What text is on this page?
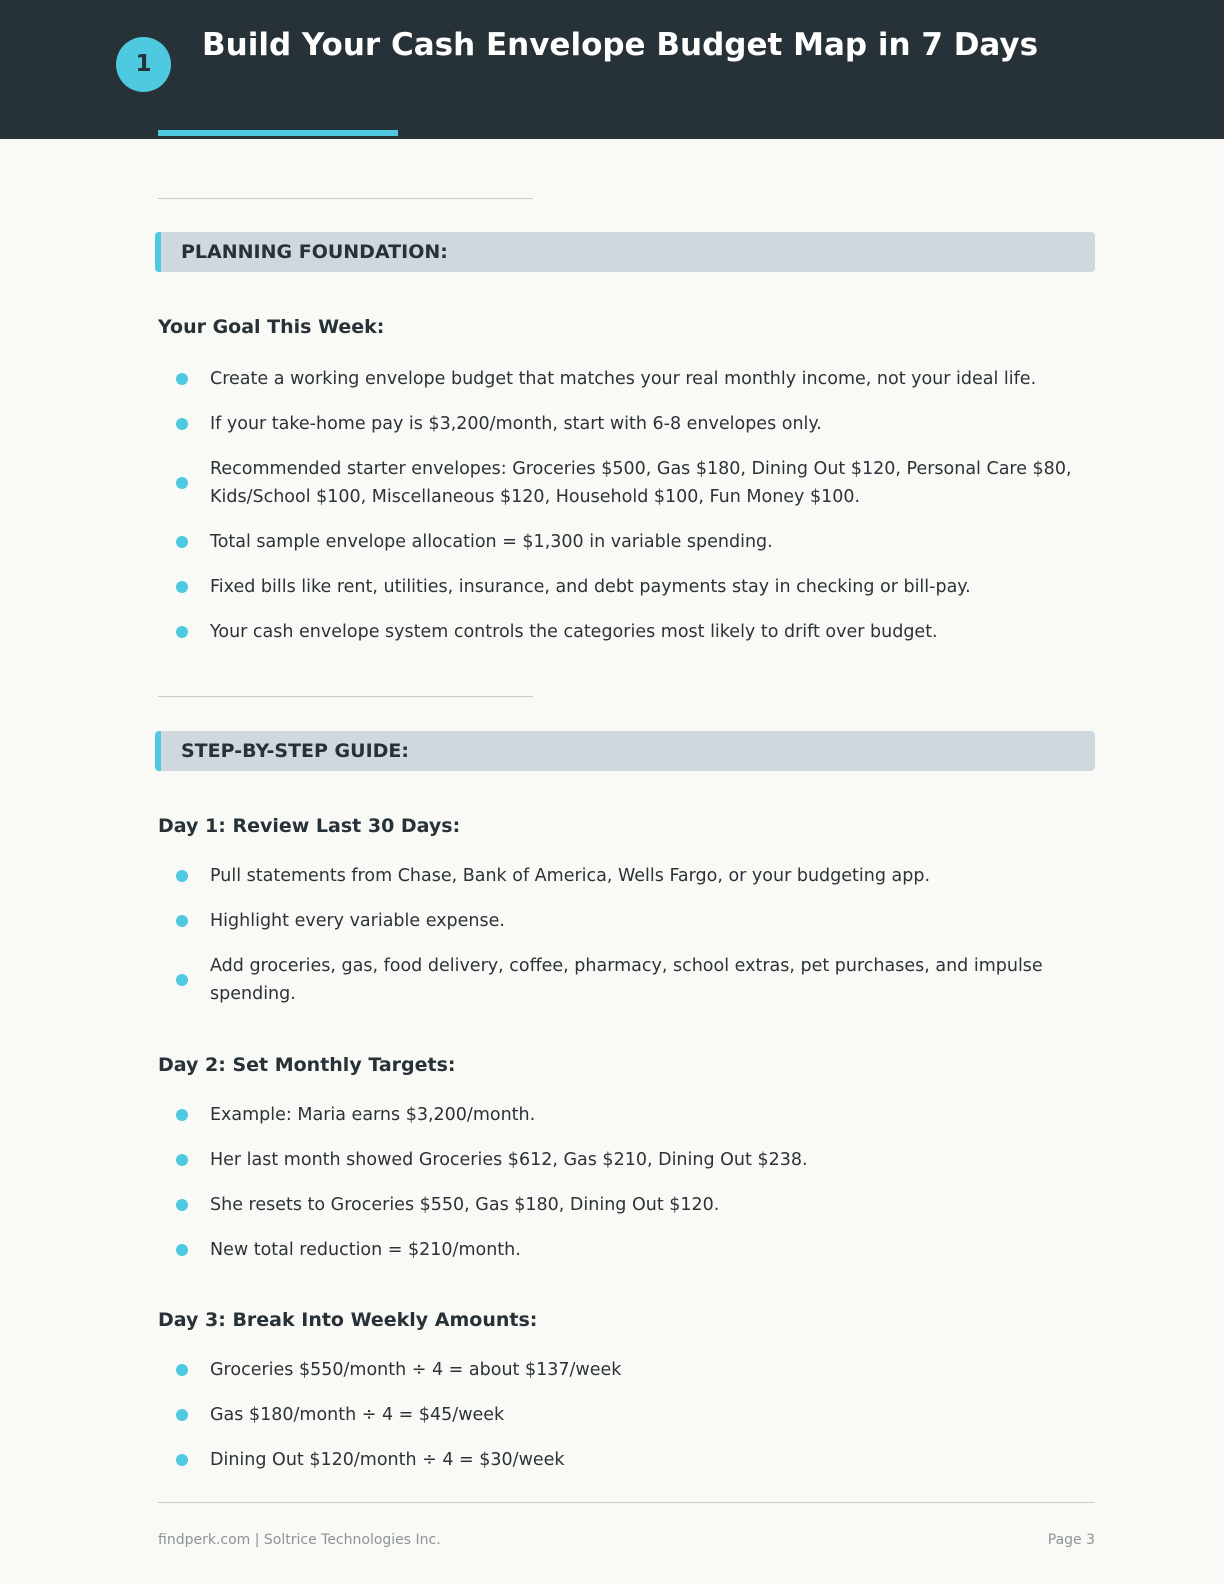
1
Build Your Cash Envelope Budget Map in 7 Days
PLANNING FOUNDATION:
Your Goal This Week:
Create a working envelope budget that matches your real monthly income, not your ideal life.
If your take-home pay is $3,200/month, start with 6-8 envelopes only.
Recommended starter envelopes: Groceries $500, Gas $180, Dining Out $120, Personal Care $80, Kids/School $100, Miscellaneous $120, Household $100, Fun Money $100.
Total sample envelope allocation = $1,300 in variable spending.
Fixed bills like rent, utilities, insurance, and debt payments stay in checking or bill-pay.
Your cash envelope system controls the categories most likely to drift over budget.
STEP-BY-STEP GUIDE:
Day 1: Review Last 30 Days:
Pull statements from Chase, Bank of America, Wells Fargo, or your budgeting app.
Highlight every variable expense.
Add groceries, gas, food delivery, coffee, pharmacy, school extras, pet purchases, and impulse spending.
Day 2: Set Monthly Targets:
Example: Maria earns $3,200/month.
Her last month showed Groceries $612, Gas $210, Dining Out $238.
She resets to Groceries $550, Gas $180, Dining Out $120.
New total reduction = $210/month.
Day 3: Break Into Weekly Amounts:
Groceries $550/month ÷ 4 = about $137/week
Gas $180/month ÷ 4 = $45/week
Dining Out $120/month ÷ 4 = $30/week
findperk.com | Soltrice Technologies Inc.	Page 3
